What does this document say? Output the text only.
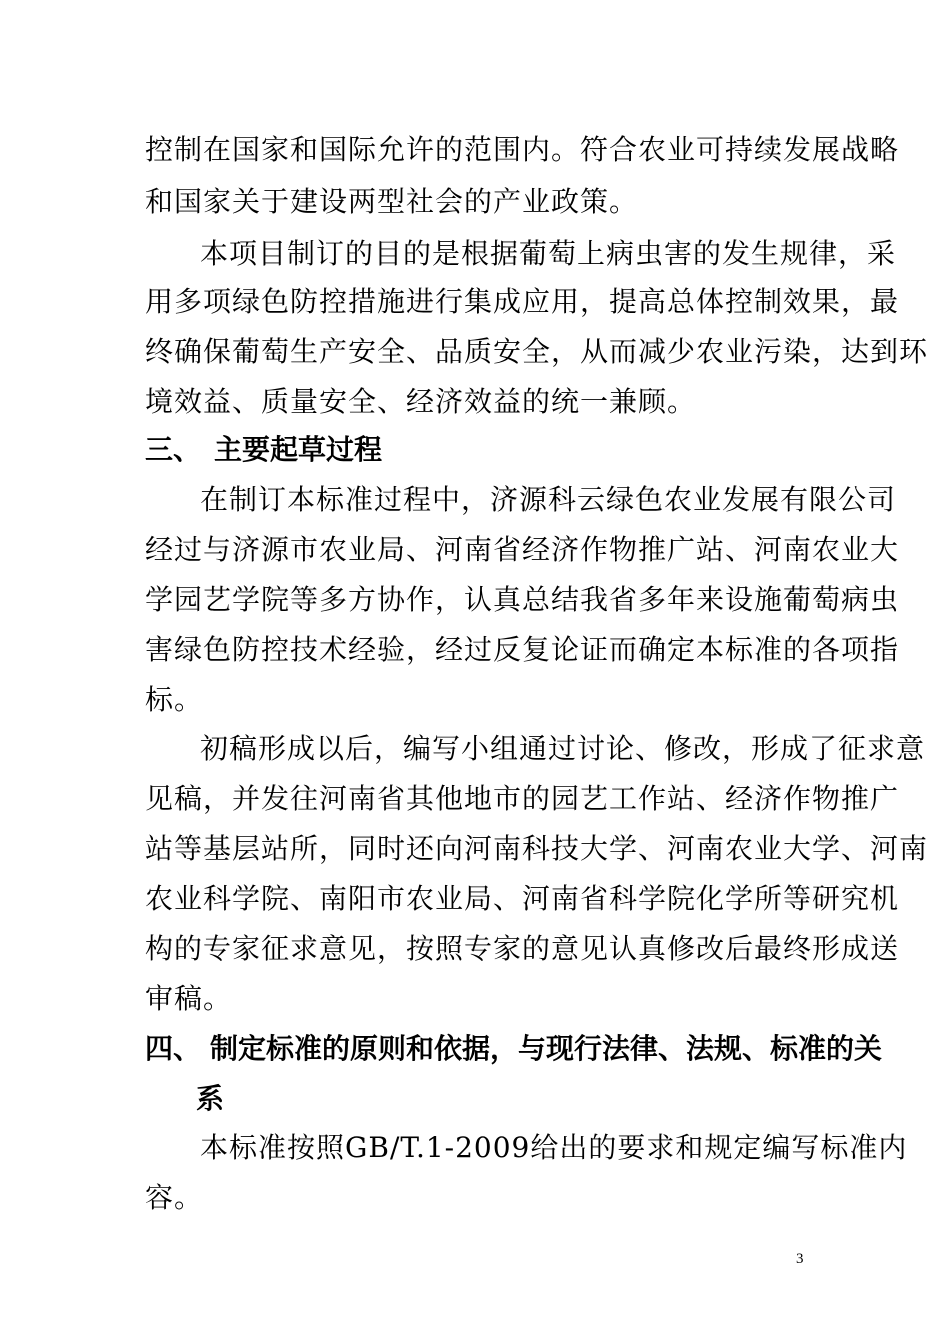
控制在国家和国际允许的范围内。符合农业可持续发展战略
和国家关于建设两型社会的产业政策。
本项目制订的目的是根据葡萄上病虫害的发生规律，采
用多项绿色防控措施进行集成应用，提高总体控制效果，最
终确保葡萄生产安全、品质安全，从而减少农业污染，达到环
境效益、质量安全、经济效益的统一兼顾。
三、 主要起草过程
在制订本标准过程中，济源科云绿色农业发展有限公司
经过与济源市农业局、河南省经济作物推广站、河南农业大
学园艺学院等多方协作，认真总结我省多年来设施葡萄病虫
害绿色防控技术经验，经过反复论证而确定本标准的各项指
标。
初稿形成以后，编写小组通过讨论、修改，形成了征求意
见稿，并发往河南省其他地市的园艺工作站、经济作物推广
站等基层站所，同时还向河南科技大学、河南农业大学、河南
农业科学院、南阳市农业局、河南省科学院化学所等研究机
构的专家征求意见，按照专家的意见认真修改后最终形成送
审稿。
四、 制定标准的原则和依据，与现行法律、法规、标准的关
系
本标准按照GB/T.1-2009给出的要求和规定编写标准内
容。
3
